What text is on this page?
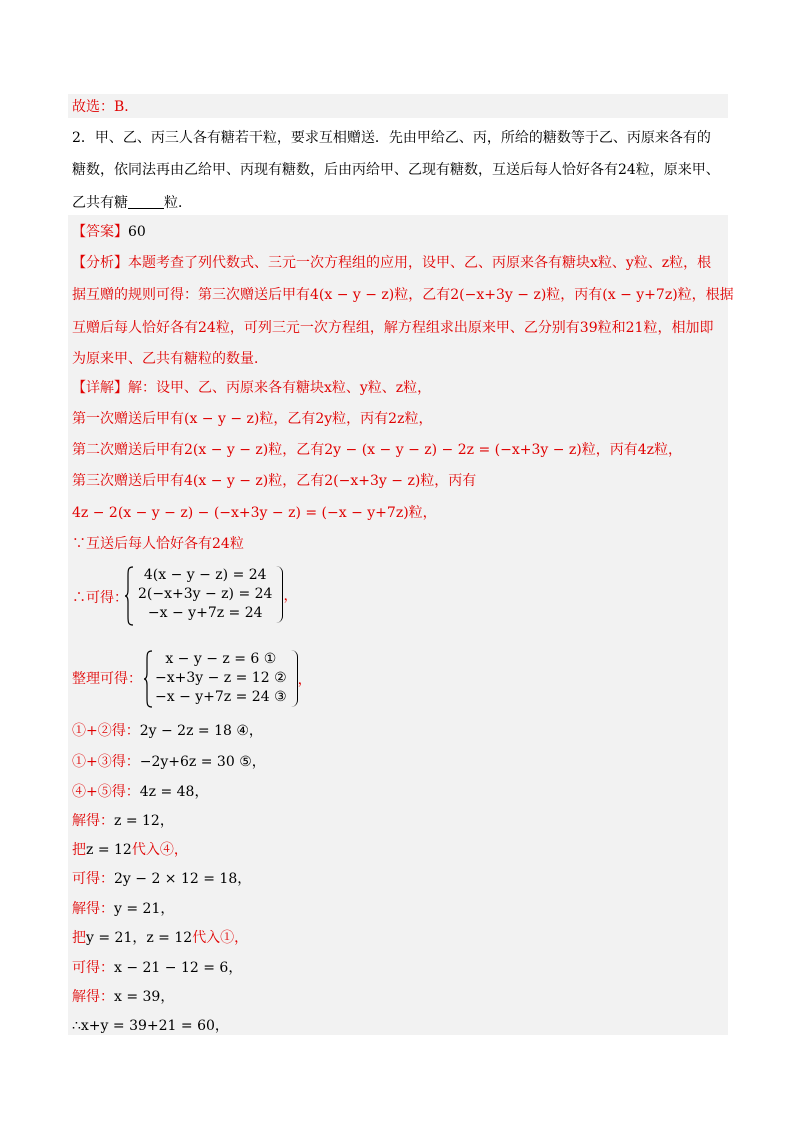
故选：B．
2．甲、乙、丙三人各有糖若干粒，要求互相赠送．先由甲给乙、丙，所给的糖数等于乙、丙原来各有的
糖数，依同法再由乙给甲、丙现有糖数，后由丙给甲、乙现有糖数，互送后每人恰好各有24粒，原来甲、
乙共有糖	粒．
【答案】60
【分析】本题考查了列代数式、三元一次方程组的应用，设甲、乙、丙原来各有糖块x粒、y粒、z粒，根
据互赠的规则可得：第三次赠送后甲有4(x − y − z)粒，乙有2(−x+3y − z)粒，丙有(x − y+7z)粒，根据
互赠后每人恰好各有24粒，可列三元一次方程组，解方程组求出原来甲、乙分别有39粒和21粒，相加即
为原来甲、乙共有糖粒的数量．
【详解】解：设甲、乙、丙原来各有糖块x粒、y粒、z粒，
第一次赠送后甲有(x − y − z)粒，乙有2y粒，丙有2z粒，
第二次赠送后甲有2(x − y − z)粒，乙有2y − (x − y − z) − 2z = (−x+3y − z)粒，丙有4z粒，
第三次赠送后甲有4(x − y − z)粒，乙有2(−x+3y − z)粒，丙有
4z − 2(x − y − z) − (−x+3y − z) = (−x − y+7z)粒，
∵互送后每人恰好各有24粒
∴可得：
4(x − y − z) = 24
2(−x+3y − z) = 24
−x − y+7z = 24
，
整理可得：
x − y − z = 6 ①
−x+3y − z = 12 ②
−x − y+7z = 24 ③
，
①+②得：2y − 2z = 18 ④，
①+③得：−2y+6z = 30 ⑤，
④+⑤得：4z = 48，
解得：z = 12，
把z = 12代入④，
可得：2y − 2 × 12 = 18，
解得：y = 21，
把y = 21，z = 12代入①，
可得：x − 21 − 12 = 6，
解得：x = 39，
∴x+y = 39+21 = 60，
